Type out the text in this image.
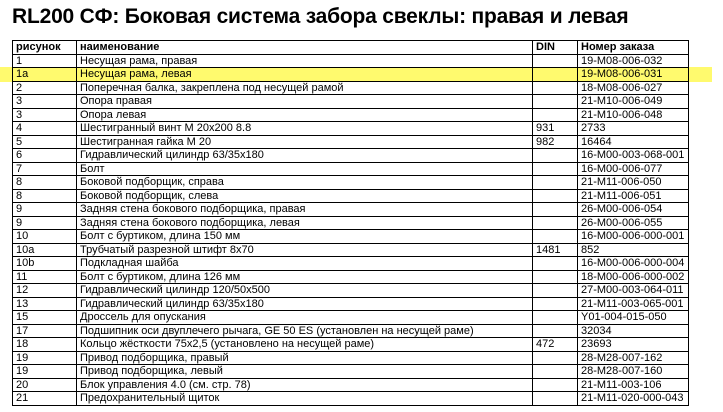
RL200 СФ: Боковая система забора свеклы: правая и левая
рисунок	наименование	DIN	Номер заказа
1	Несущая рама, правая		19-M08-006-032
1a	Несущая рама, левая		19-M08-006-031
2	Поперечная балка, закреплена под несущей рамой		18-M08-006-027
3	Опора правая		21-M10-006-049
3	Опора левая		21-M10-006-048
4	Шестигранный винт M 20x200 8.8	931	2733
5	Шестигранная гайка M 20	982	16464
6	Гидравлический цилиндр 63/35x180		16-M00-003-068-001
7	Болт		16-M00-006-077
8	Боковой подборщик, справа		21-M11-006-050
8	Боковой подборщик, слева		21-M11-006-051
9	Задняя стена бокового подборщика, правая		26-M00-006-054
9	Задняя стена бокового подборщика, левая		26-M00-006-055
10	Болт с буртиком, длина 150 мм		16-M00-006-000-001
10a	Трубчатый разрезной штифт 8x70	1481	852
10b	Подкладная шайба		16-M00-006-000-004
11	Болт с буртиком, длина 126 мм		18-M00-006-000-002
12	Гидравлический цилиндр 120/50x500		27-M00-003-064-011
13	Гидравлический цилиндр 63/35x180		21-M11-003-065-001
15	Дроссель для опускания		Y01-004-015-050
17	Подшипник оси двуплечего рычага, GE 50 ES (установлен на несущей раме)		32034
18	Кольцо жёсткости 75x2,5 (установлено на несущей раме)	472	23693
19	Привод подборщика, правый		28-M28-007-162
19	Привод подборщика, левый		28-M28-007-160
20	Блок управления 4.0 (см. стр. 78)		21-M11-003-106
21	Предохранительный щиток		21-M11-020-000-043
